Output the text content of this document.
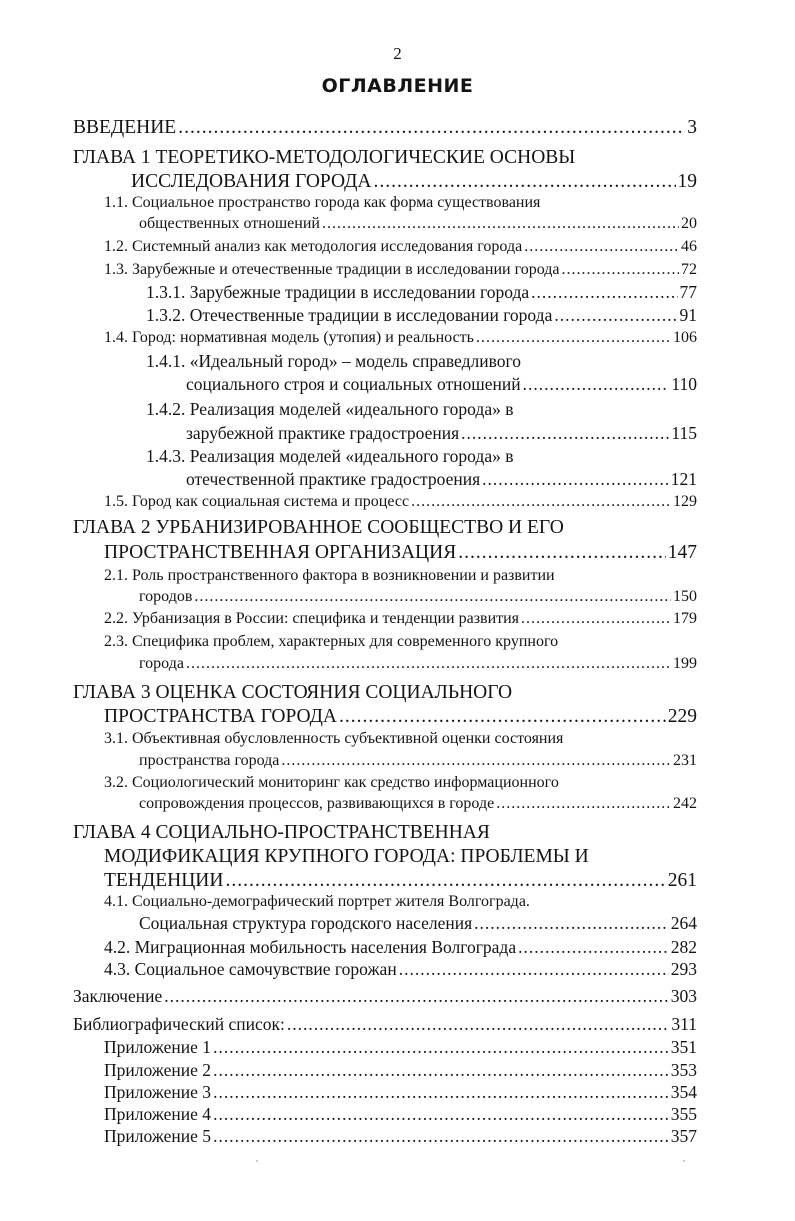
2
ОГЛАВЛЕНИЕ
ВВЕДЕНИЕ .....	3
ГЛАВА 1 ТЕОРЕТИКО-МЕТОДОЛОГИЧЕСКИЕ ОСНОВЫ
ИССЛЕДОВАНИЯ ГОРОДА .....	19
1.1. Социальное пространство города как форма существования
общественных отношений .....	20
1.2. Системный анализ как методология исследования города .....	46
1.3. Зарубежные и отечественные традиции в исследовании города .....	72
1.3.1. Зарубежные традиции в исследовании города .....	77
1.3.2. Отечественные традиции в исследовании города .....	91
1.4. Город: нормативная модель (утопия) и реальность .....	106
1.4.1. «Идеальный город» – модель справедливого
социального строя и социальных отношений .....	110
1.4.2. Реализация моделей «идеального города» в
зарубежной практике градостроения .....	115
1.4.3. Реализация моделей «идеального города» в
отечественной практике градостроения .....	121
1.5. Город как социальная система и процесс .....	129
ГЛАВА 2 УРБАНИЗИРОВАННОЕ СООБЩЕСТВО И ЕГО
ПРОСТРАНСТВЕННАЯ ОРГАНИЗАЦИЯ .....	147
2.1. Роль пространственного фактора в возникновении и развитии
городов .....	150
2.2. Урбанизация в России: специфика и тенденции развития .....	179
2.3. Специфика проблем, характерных для современного крупного
города .....	199
ГЛАВА 3 ОЦЕНКА СОСТОЯНИЯ СОЦИАЛЬНОГО
ПРОСТРАНСТВА ГОРОДА .....	229
3.1. Объективная обусловленность субъективной оценки состояния
пространства города .....	231
3.2. Социологический мониторинг как средство информационного
сопровождения процессов, развивающихся в городе .....	242
ГЛАВА 4 СОЦИАЛЬНО-ПРОСТРАНСТВЕННАЯ
МОДИФИКАЦИЯ КРУПНОГО ГОРОДА: ПРОБЛЕМЫ И
ТЕНДЕНЦИИ .....	261
4.1. Социально-демографический портрет жителя Волгограда.
Социальная структура городского населения .....	264
4.2. Миграционная мобильность населения Волгограда .....	282
4.3. Социальное самочувствие горожан .....	293
Заключение .....	303
Библиографический список: .....	311
Приложение 1 .....	351
Приложение 2 .....	353
Приложение 3 .....	354
Приложение 4 .....	355
Приложение 5 .....	357
